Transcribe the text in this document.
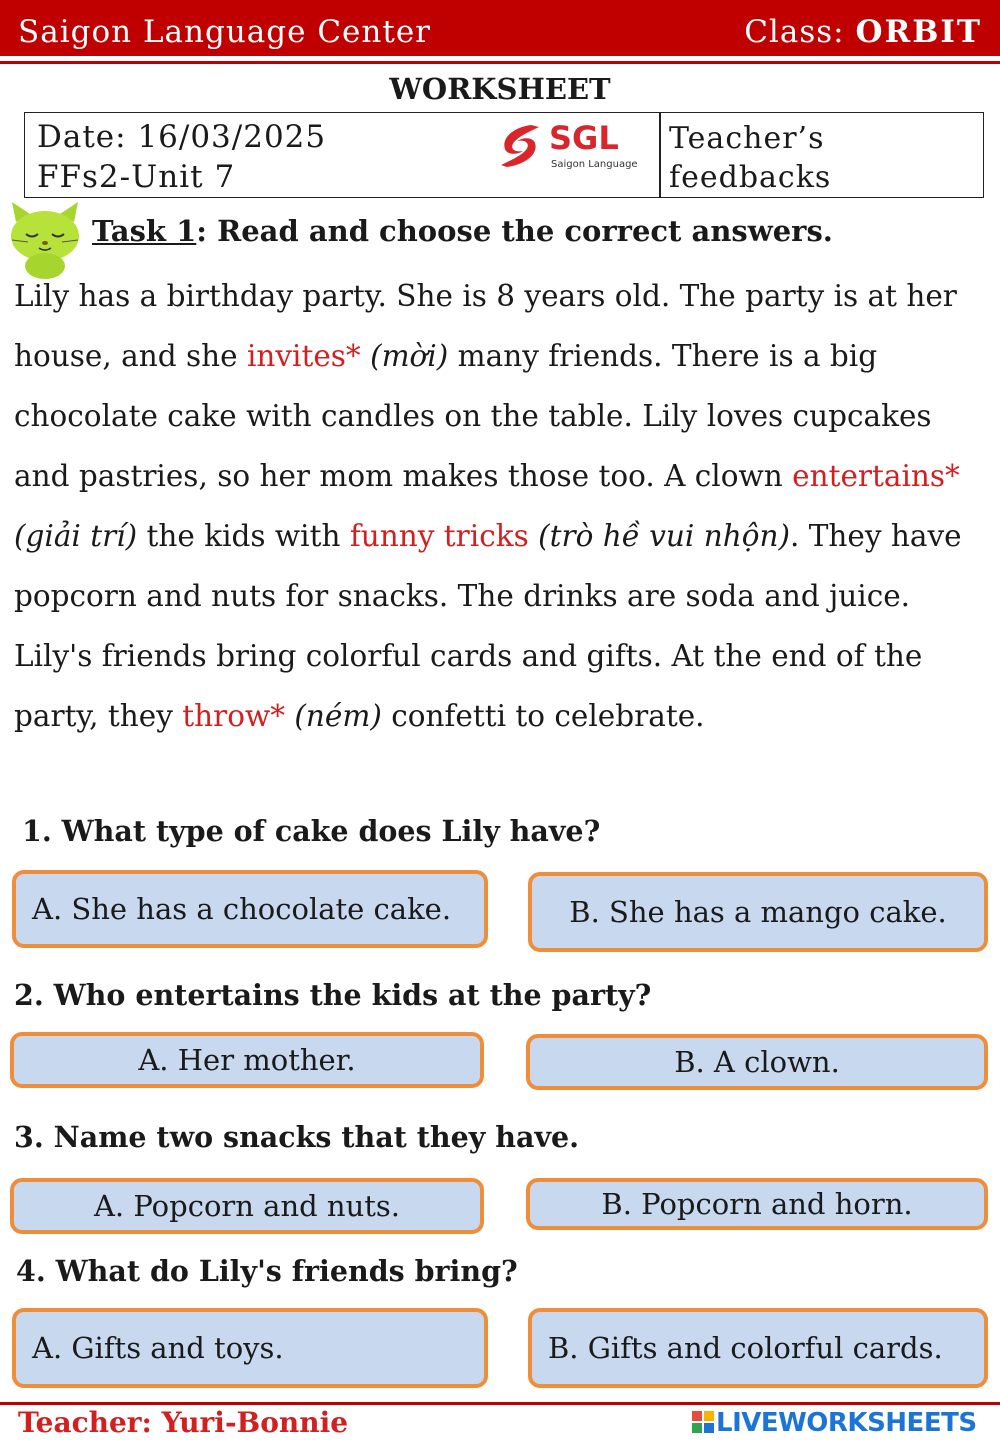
Saigon Language Center	Class: ORBIT
WORKSHEET
Date: 16/03/2025
FFs2-Unit 7
SGL
Saigon Language
Teacher’s feedbacks
Task 1: Read and choose the correct answers.
Lily has a birthday party. She is 8 years old. The party is at her house, and she invites* (mời) many friends. There is a big chocolate cake with candles on the table. Lily loves cupcakes and pastries, so her mom makes those too. A clown entertains* (giải trí) the kids with funny tricks (trò hề vui nhộn). They have popcorn and nuts for snacks. The drinks are soda and juice. Lily's friends bring colorful cards and gifts. At the end of the party, they throw* (ném) confetti to celebrate.
1. What type of cake does Lily have?
A. She has a chocolate cake.	B. She has a mango cake.
2. Who entertains the kids at the party?
A. Her mother.	B. A clown.
3. Name two snacks that they have.
A. Popcorn and nuts.	B. Popcorn and horn.
4. What do Lily's friends bring?
A. Gifts and toys.	B. Gifts and colorful cards.
Teacher: Yuri-Bonnie	LIVEWORKSHEETS
